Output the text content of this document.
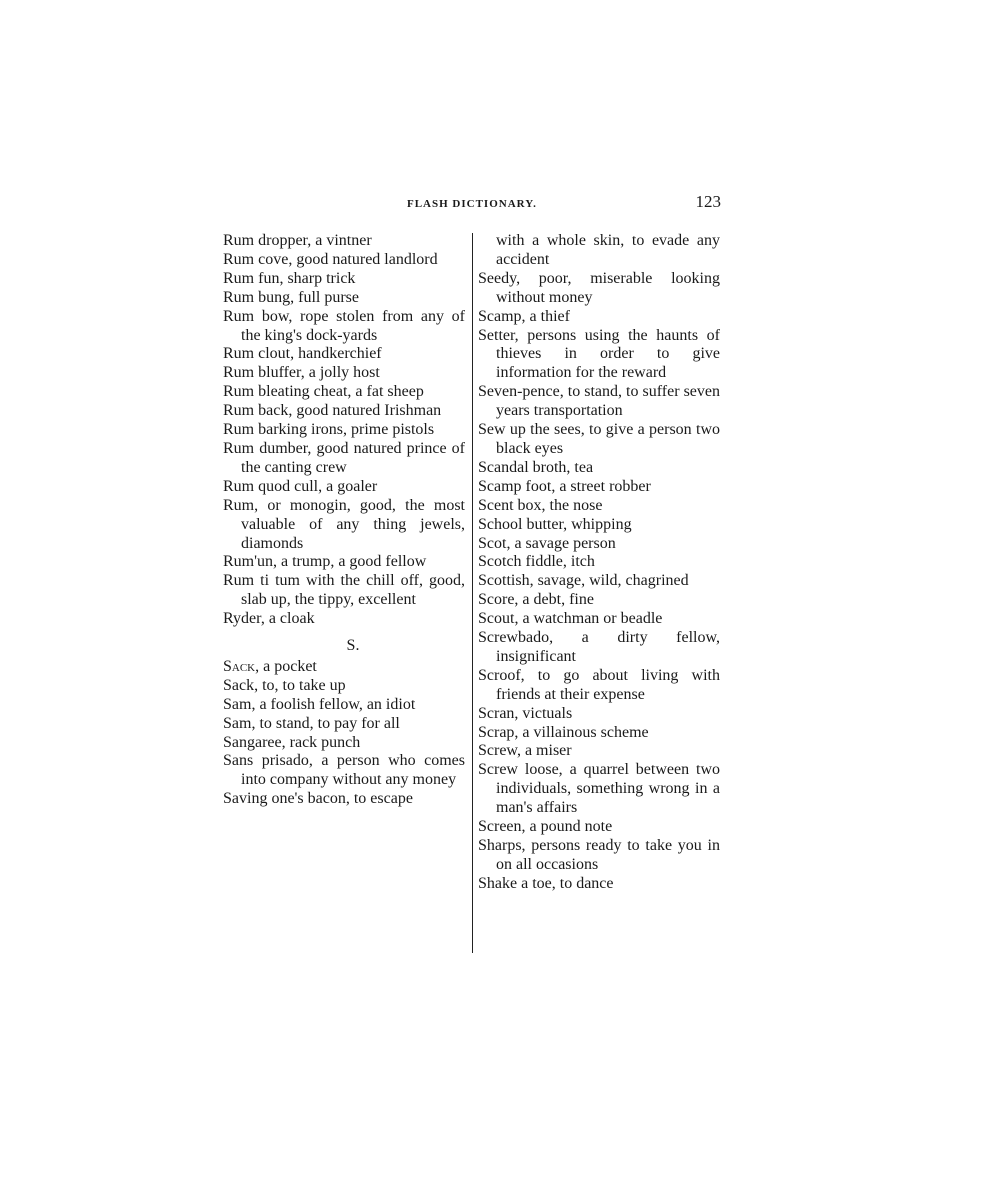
FLASH DICTIONARY.	123
Rum dropper, a vintner
Rum cove, good natured landlord
Rum fun, sharp trick
Rum bung, full purse
Rum bow, rope stolen from any of the king's dock-yards
Rum clout, handkerchief
Rum bluffer, a jolly host
Rum bleating cheat, a fat sheep
Rum back, good natured Irishman
Rum barking irons, prime pistols
Rum dumber, good natured prince of the canting crew
Rum quod cull, a goaler
Rum, or monogin, good, the most valuable of any thing jewels, diamonds
Rum'un, a trump, a good fellow
Rum ti tum with the chill off, good, slab up, the tippy, excellent
Ryder, a cloak
S.
Sack, a pocket
Sack, to, to take up
Sam, a foolish fellow, an idiot
Sam, to stand, to pay for all
Sangaree, rack punch
Sans prisado, a person who comes into company without any money
Saving one's bacon, to escape
with a whole skin, to evade any accident
Seedy, poor, miserable looking without money
Scamp, a thief
Setter, persons using the haunts of thieves in order to give information for the reward
Seven-pence, to stand, to suffer seven years transportation
Sew up the sees, to give a person two black eyes
Scandal broth, tea
Scamp foot, a street robber
Scent box, the nose
School butter, whipping
Scot, a savage person
Scotch fiddle, itch
Scottish, savage, wild, chagrined
Score, a debt, fine
Scout, a watchman or beadle
Screwbado, a dirty fellow, insignificant
Scroof, to go about living with friends at their expense
Scran, victuals
Scrap, a villainous scheme
Screw, a miser
Screw loose, a quarrel between two individuals, something wrong in a man's affairs
Screen, a pound note
Sharps, persons ready to take you in on all occasions
Shake a toe, to dance
